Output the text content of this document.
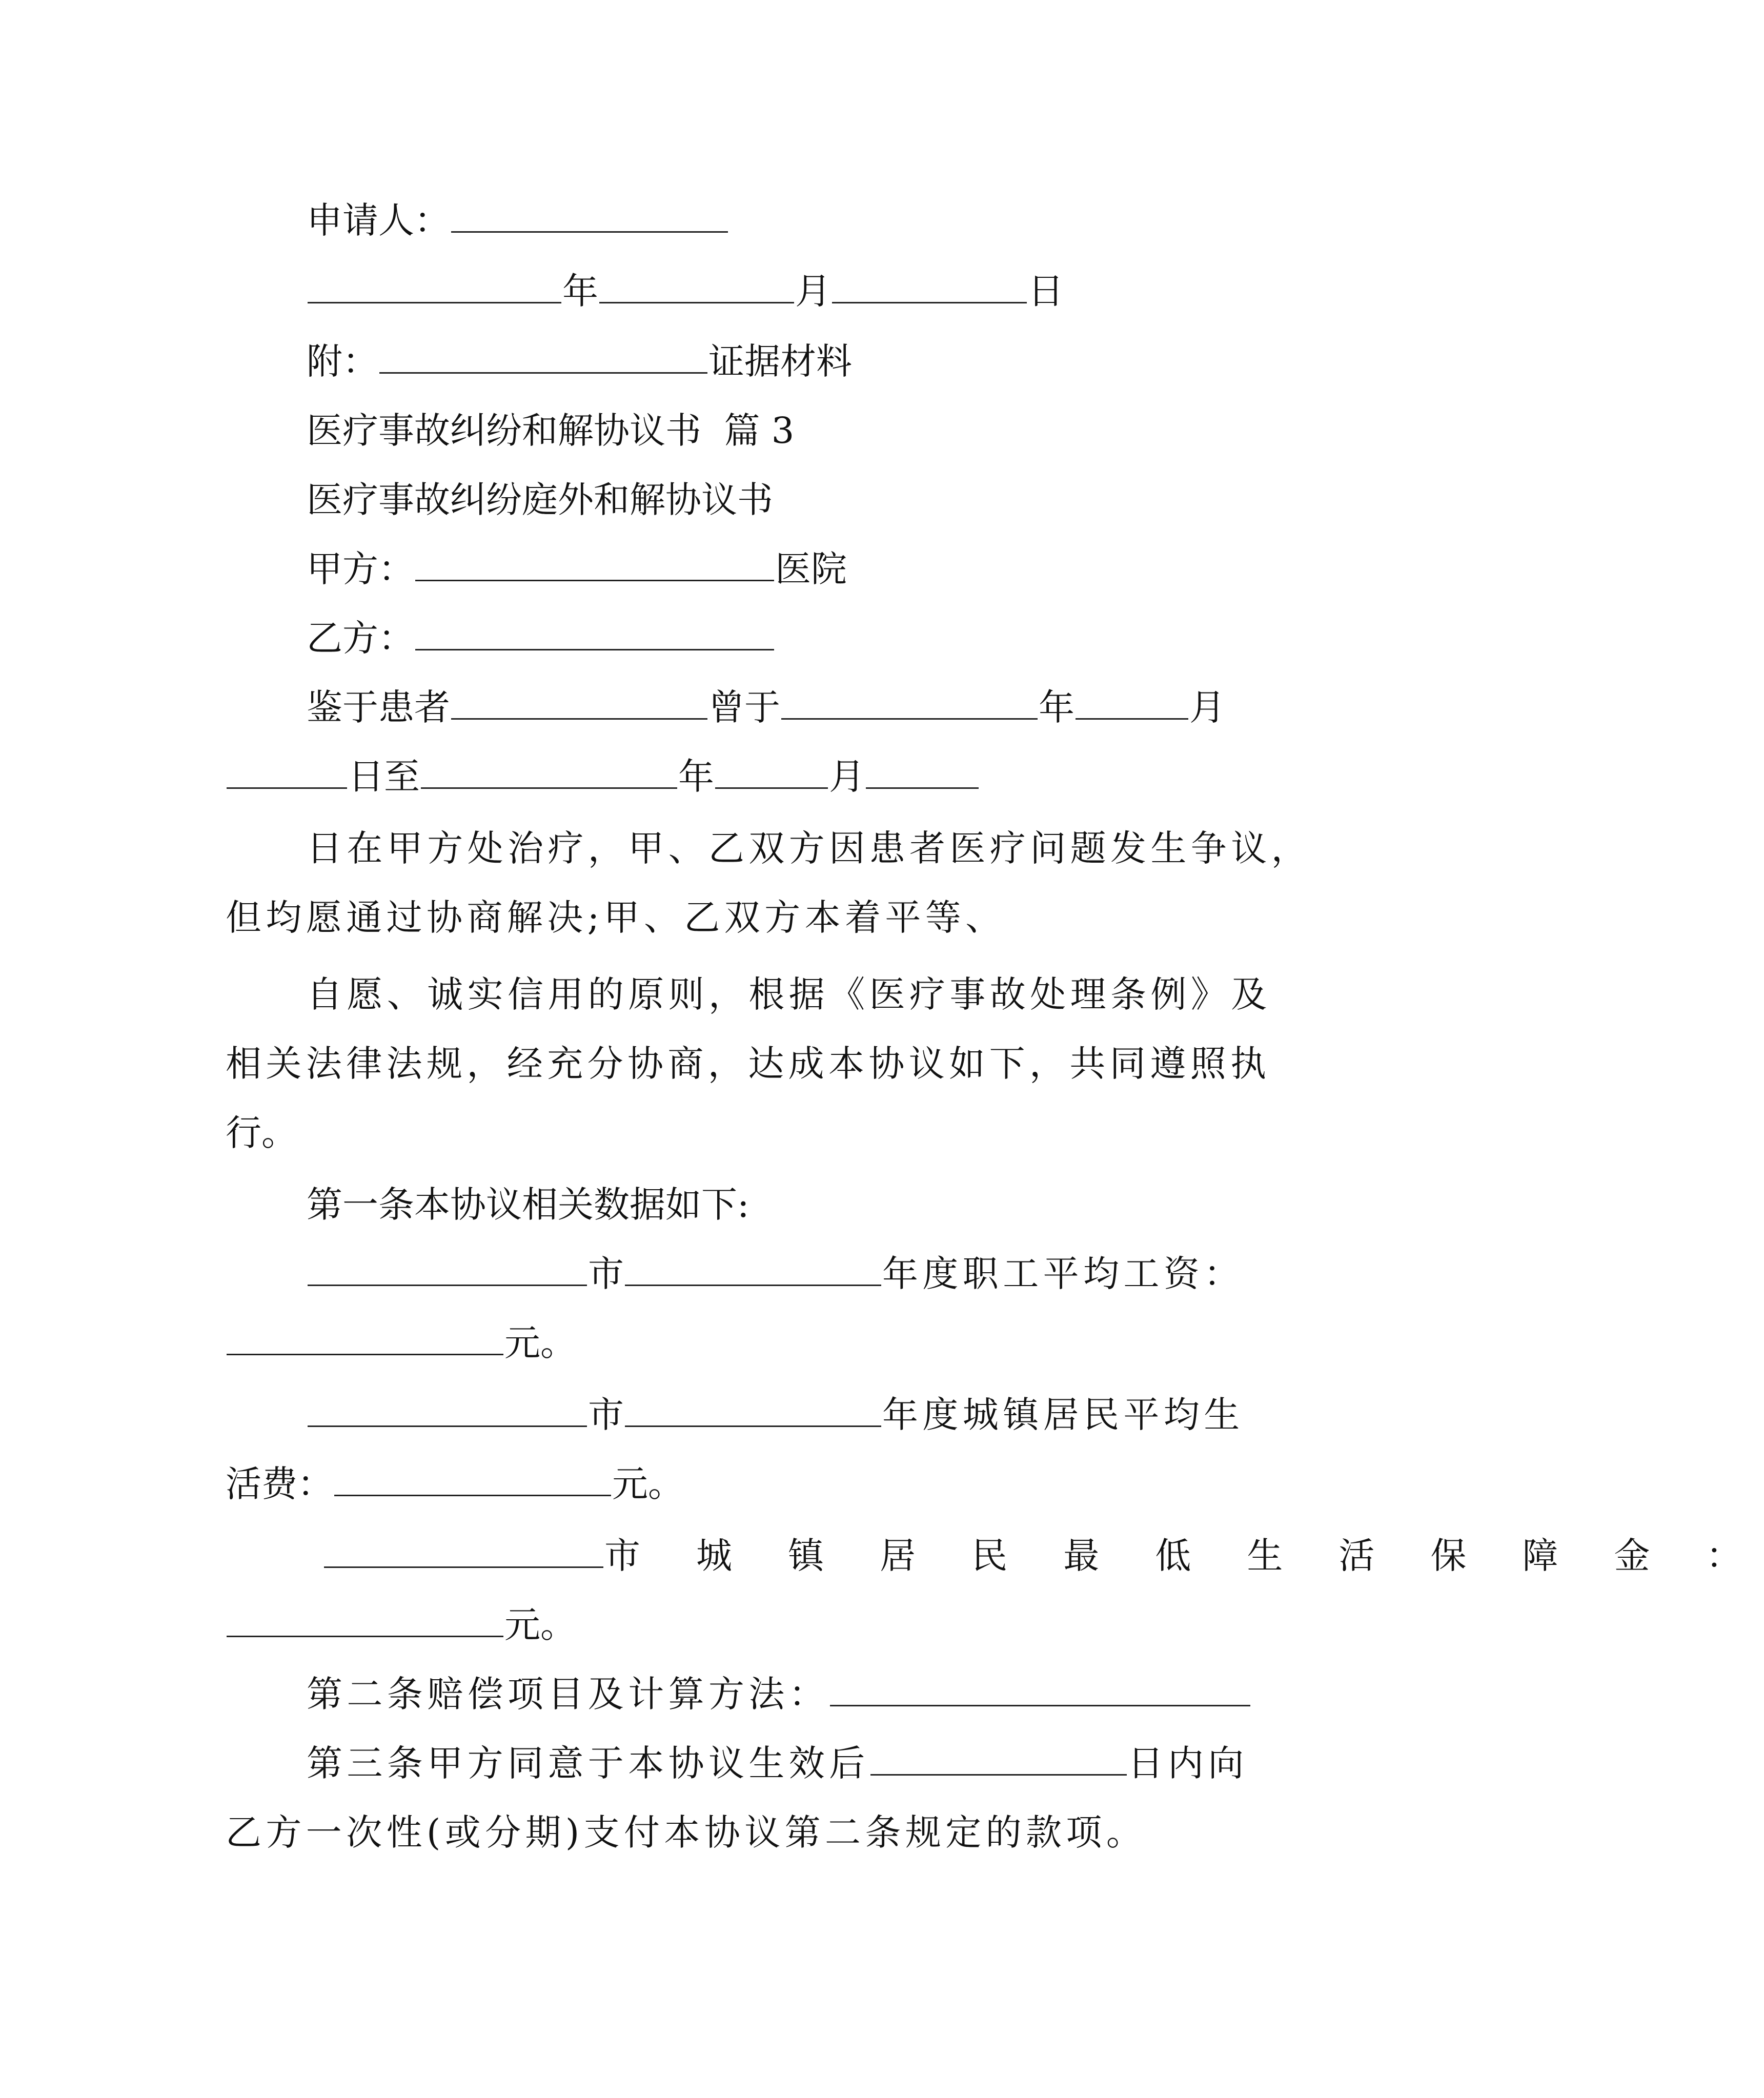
申请人：
年	月	日
附：	证据材料
医疗事故纠纷和解协议书  篇 3
医疗事故纠纷庭外和解协议书
甲方：	医院
乙方：
鉴于患者	曾于	年	月
日至	年	月
日在甲方处治疗，甲、乙双方因患者医疗问题发生争议，
但均愿通过协商解决;甲、乙双方本着平等、
自愿、诚实信用的原则，根据《医疗事故处理条例》及
相关法律法规，经充分协商，达成本协议如下，共同遵照执
行。
第一条本协议相关数据如下:
市	年度职工平均工资：
元。
市	年度城镇居民平均生
活费：	元。
市 城 镇 居 民 最 低 生 活 保 障 金 ：
元。
第二条赔偿项目及计算方法：
第三条甲方同意于本协议生效后	日内向
乙方一次性(或分期)支付本协议第二条规定的款项。
